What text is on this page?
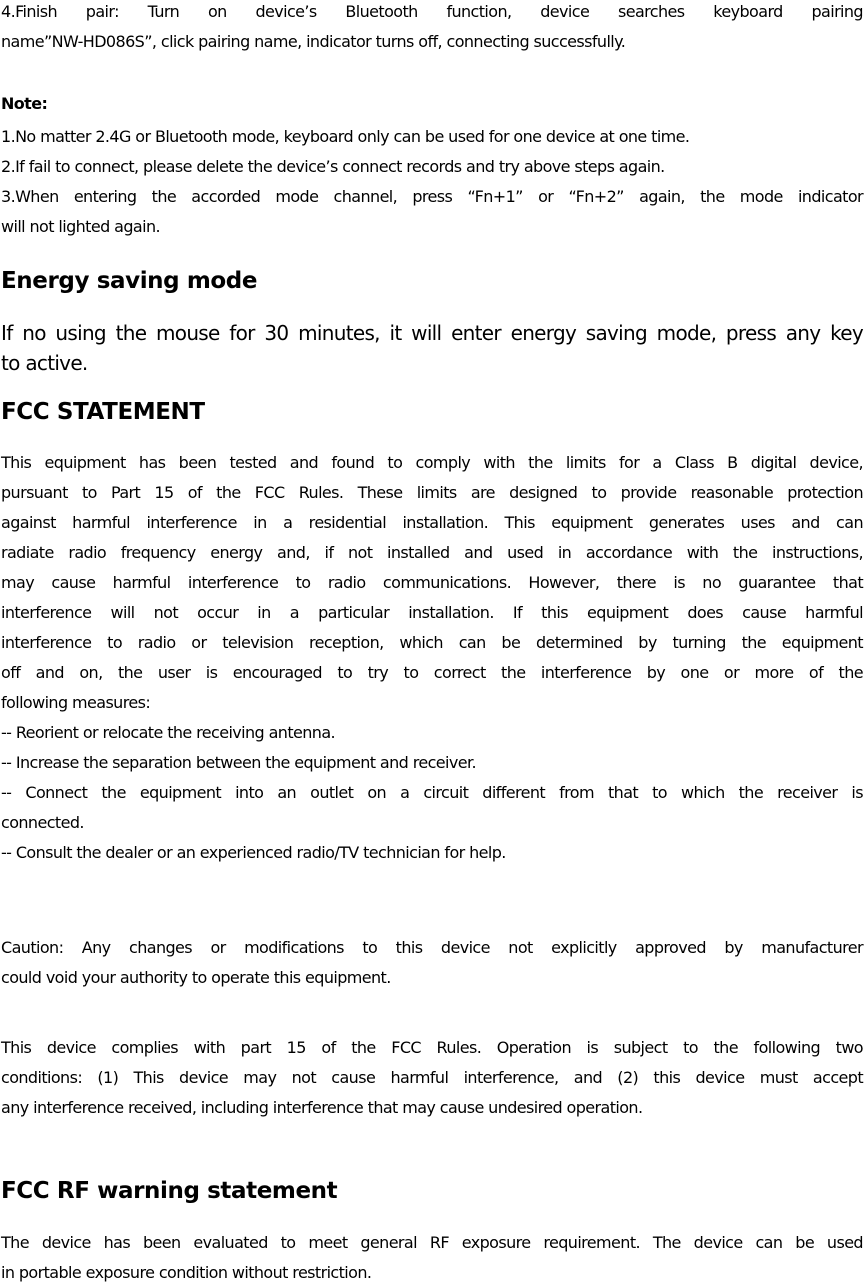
4.Finish pair: Turn on device’s Bluetooth function, device searches keyboard pairing
name”NW-HD086S”, click pairing name, indicator turns off, connecting successfully.
Note:
1.No matter 2.4G or Bluetooth mode, keyboard only can be used for one device at one time.
2.If fail to connect, please delete the device’s connect records and try above steps again.
3.When entering the accorded mode channel, press “Fn+1” or “Fn+2” again, the mode indicator
will not lighted again.
Energy saving mode
If no using the mouse for 30 minutes, it will enter energy saving mode, press any key
to active.
FCC STATEMENT
This equipment has been tested and found to comply with the limits for a Class B digital device,
pursuant to Part 15 of the FCC Rules. These limits are designed to provide reasonable protection
against harmful interference in a residential installation. This equipment generates uses and can
radiate radio frequency energy and, if not installed and used in accordance with the instructions,
may cause harmful interference to radio communications. However, there is no guarantee that
interference will not occur in a particular installation. If this equipment does cause harmful
interference to radio or television reception, which can be determined by turning the equipment
off and on, the user is encouraged to try to correct the interference by one or more of the
following measures:
-- Reorient or relocate the receiving antenna.
-- Increase the separation between the equipment and receiver.
-- Connect the equipment into an outlet on a circuit different from that to which the receiver is
connected.
-- Consult the dealer or an experienced radio/TV technician for help.
Caution: Any changes or modifications to this device not explicitly approved by manufacturer
could void your authority to operate this equipment.
This device complies with part 15 of the FCC Rules. Operation is subject to the following two
conditions: (1) This device may not cause harmful interference, and (2) this device must accept
any interference received, including interference that may cause undesired operation.
FCC RF warning statement
The device has been evaluated to meet general RF exposure requirement. The device can be used
in portable exposure condition without restriction.
